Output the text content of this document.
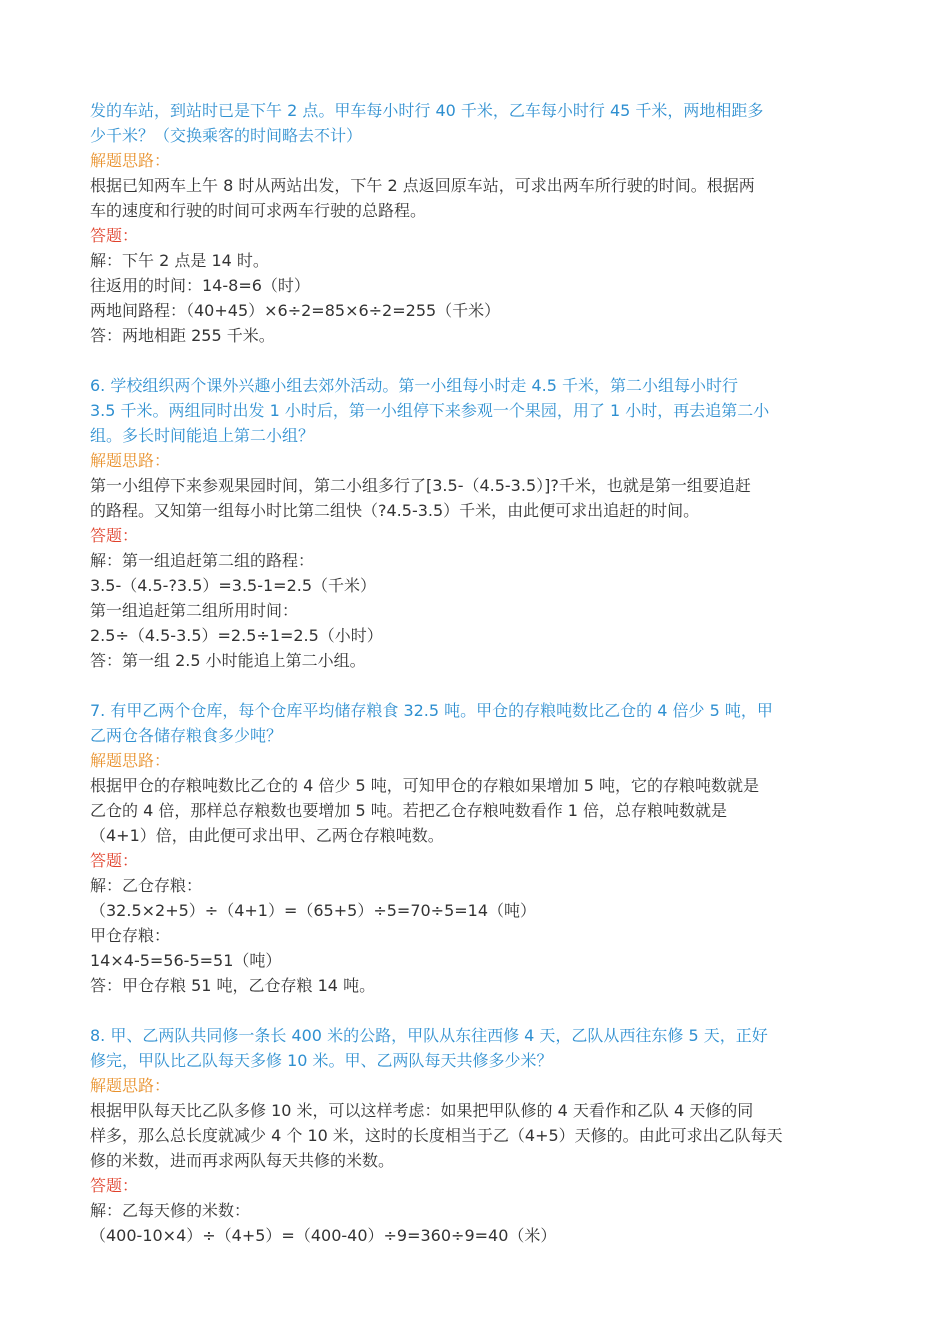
发的车站，到站时已是下午 2 点。甲车每小时行 40 千米，乙车每小时行 45 千米，两地相距多
少千米？（交换乘客的时间略去不计）
解题思路：
根据已知两车上午 8 时从两站出发，下午 2 点返回原车站，可求出两车所行驶的时间。根据两
车的速度和行驶的时间可求两车行驶的总路程。
答题：
解：下午 2 点是 14 时。
往返用的时间：14-8=6（时）
两地间路程：（40+45）×6÷2=85×6÷2=255（千米）
答：两地相距 255 千米。
6. 学校组织两个课外兴趣小组去郊外活动。第一小组每小时走 4.5 千米，第二小组每小时行
3.5 千米。两组同时出发 1 小时后，第一小组停下来参观一个果园，用了 1 小时，再去追第二小
组。多长时间能追上第二小组？
解题思路：
第一小组停下来参观果园时间，第二小组多行了[3.5-（4.5-3.5）]?千米，也就是第一组要追赶
的路程。又知第一组每小时比第二组快（?4.5-3.5）千米，由此便可求出追赶的时间。
答题：
解：第一组追赶第二组的路程：
3.5-（4.5-?3.5）=3.5-1=2.5（千米）
第一组追赶第二组所用时间：
2.5÷（4.5-3.5）=2.5÷1=2.5（小时）
答：第一组 2.5 小时能追上第二小组。
7. 有甲乙两个仓库，每个仓库平均储存粮食 32.5 吨。甲仓的存粮吨数比乙仓的 4 倍少 5 吨，甲
乙两仓各储存粮食多少吨？
解题思路：
根据甲仓的存粮吨数比乙仓的 4 倍少 5 吨，可知甲仓的存粮如果增加 5 吨，它的存粮吨数就是
乙仓的 4 倍，那样总存粮数也要增加 5 吨。若把乙仓存粮吨数看作 1 倍，总存粮吨数就是
（4+1）倍，由此便可求出甲、乙两仓存粮吨数。
答题：
解：乙仓存粮：
（32.5×2+5）÷（4+1）=（65+5）÷5=70÷5=14（吨）
甲仓存粮：
14×4-5=56-5=51（吨）
答：甲仓存粮 51 吨，乙仓存粮 14 吨。
8. 甲、乙两队共同修一条长 400 米的公路，甲队从东往西修 4 天，乙队从西往东修 5 天，正好
修完，甲队比乙队每天多修 10 米。甲、乙两队每天共修多少米？
解题思路：
根据甲队每天比乙队多修 10 米，可以这样考虑：如果把甲队修的 4 天看作和乙队 4 天修的同
样多，那么总长度就减少 4 个 10 米，这时的长度相当于乙（4+5）天修的。由此可求出乙队每天
修的米数，进而再求两队每天共修的米数。
答题：
解：乙每天修的米数：
（400-10×4）÷（4+5）=（400-40）÷9=360÷9=40（米）
